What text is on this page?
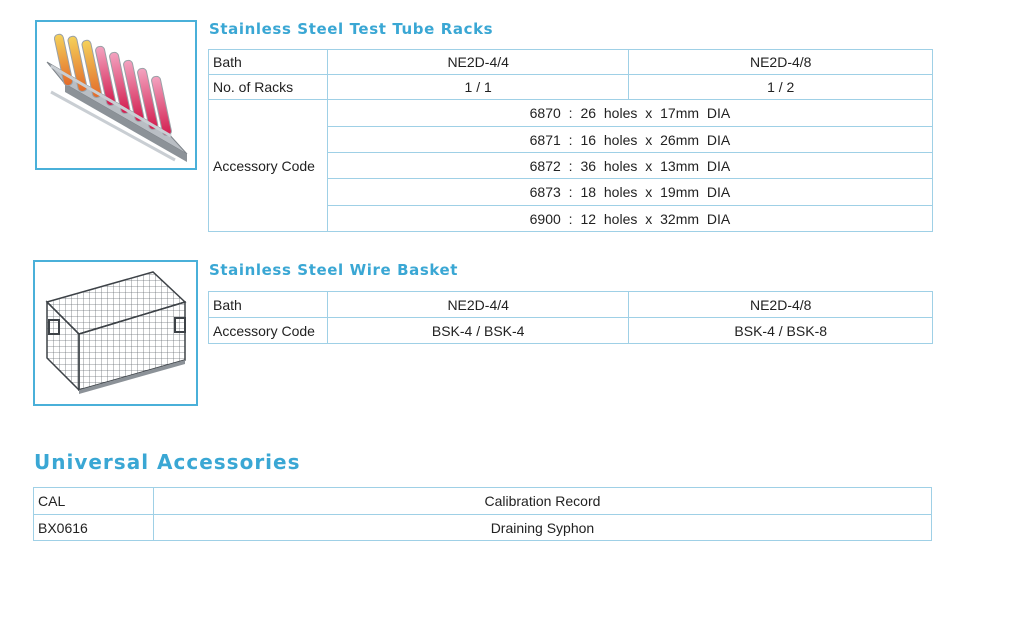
Stainless Steel Test Tube Racks
Bath	NE2D-4/4	NE2D-4/8
No. of Racks	1 / 1	1 / 2
Accessory Code	6870 : 26 holes x 17mm DIA	
	6871 : 16 holes x 26mm DIA	
	6872 : 36 holes x 13mm DIA	
	6873 : 18 holes x 19mm DIA	
	6900 : 12 holes x 32mm DIA	
Stainless Steel Wire Basket
Bath	NE2D-4/4	NE2D-4/8
Accessory Code	BSK-4 / BSK-4	BSK-4 / BSK-8
Universal Accessories
CAL	Calibration Record
BX0616	Draining Syphon
